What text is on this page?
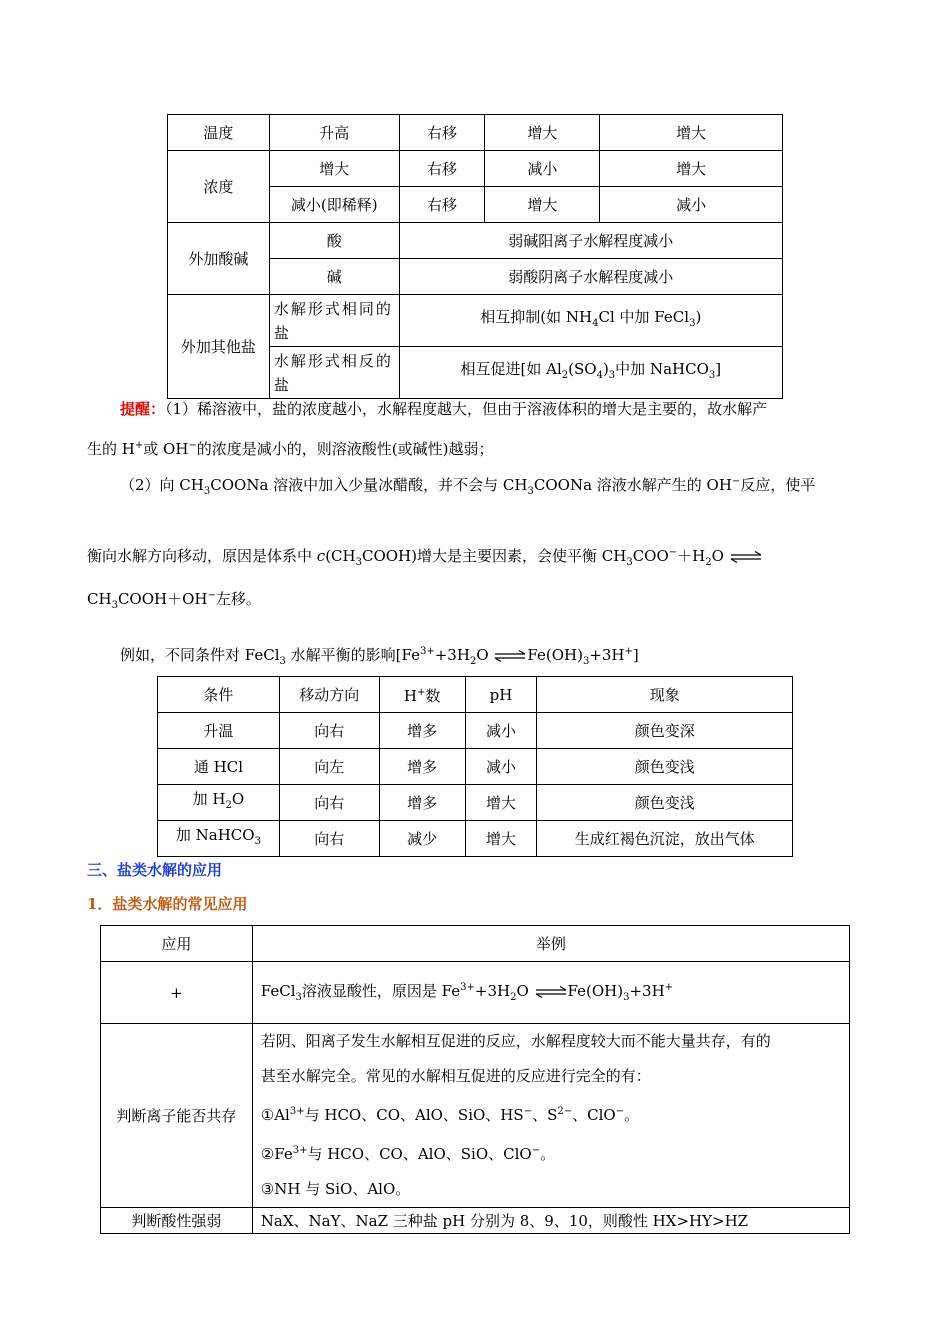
温度	升高	右移	增大	增大
浓度	增大	右移	减小	增大
	减小(即稀释)	右移	增大	减小
外加酸碱	酸	弱碱阳离子水解程度减小		
	碱	弱酸阴离子水解程度减小		
外加其他盐	水解形式相同的盐	相互抑制(如 $NH_4Cl$ 中加 FeCl$_3$)		
	水解形式相反的盐	相互促进[如 $Al_2(SO_4)_3$中加 NaHCO$_3$]		
提醒：（1）稀溶液中，盐的浓度越小，水解程度越大，但由于溶液体积的增大是主要的，故水解产
生的 H+或 OH−的浓度是减小的，则溶液酸性(或碱性)越弱；
（2）向 $CH_3COONa$ 溶液中加入少量冰醋酸，并不会与 $CH_3COONa$ 溶液水解产生的 OH−反应，使平
衡向水解方向移动，原因是体系中 $c(CH_3COOH)$增大是主要因素，会使平衡 $CH_3COO^-+H_2O$ ⇌
$CH_3COOH+OH^-$左移。
例如，不同条件对 FeCl$_3$ 水解平衡的影响[$Fe^{3+}+3H_2O$ $\rightleftharpoons Fe(OH)_3+3H^+$]
条件	移动方向	H+数	pH	现象
升温	向右	增多	减小	颜色变深
通 HCl	向左	增多	减小	颜色变浅
加 $H_2O$	向右	增多	增大	颜色变浅
加 NaHCO$_3$	向右	减少	增大	生成红褐色沉淀，放出气体
三、盐类水解的应用
1．盐类水解的常见应用
应用	举例
+	FeCl$_3$溶液显酸性，原因是 $Fe^{3+}+3H_2O$ $\rightleftharpoons Fe(OH)_3+3H^+$
判断离子能否共存	若阴、阳离子发生水解相互促进的反应，水解程度较大而不能大量共存，有的
甚至水解完全。常见的水解相互促进的反应进行完全的有：
$①Al^{3+}$与 HCO、CO、AlO、SiO、HS−、$S^{2-}$、ClO−。
$②Fe^{3+}$与 HCO、CO、AlO、SiO、ClO−。
③NH 与 SiO、AlO。

判断酸性强弱	NaX、NaY、NaZ 三种盐 pH 分别为 8、9、10，则酸性 HX>HY>HZ
